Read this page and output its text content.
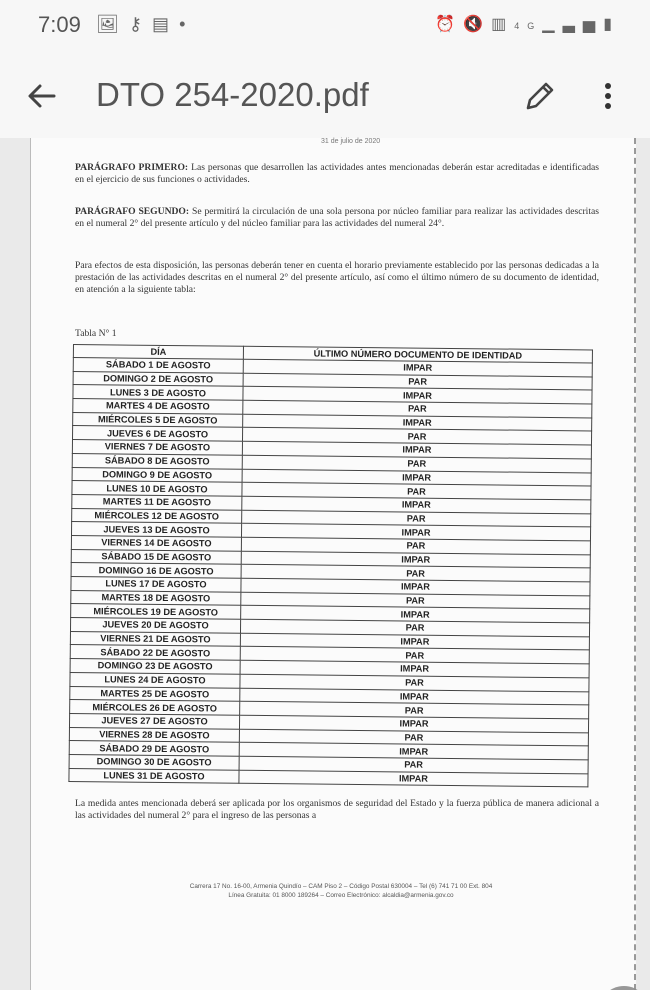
7:09 🖼⚷▤•	⏰🔇▥4G▁▃▅▮
DTO 254-2020.pdf
31 de julio de 2020
PARÁGRAFO PRIMERO: Las personas que desarrollen las actividades antes mencionadas deberán estar acreditadas e identificadas en el ejercicio de sus funciones o actividades.
PARÁGRAFO SEGUNDO: Se permitirá la circulación de una sola persona por núcleo familiar para realizar las actividades descritas en el numeral 2° del presente artículo y del núcleo familiar para las actividades del numeral 24°.
Para efectos de esta disposición, las personas deberán tener en cuenta el horario previamente establecido por las personas dedicadas a la prestación de las actividades descritas en el numeral 2° del presente artículo, así como el último número de su documento de identidad, en atención a la siguiente tabla:
Tabla N° 1
DÍA	ÚLTIMO NÚMERO DOCUMENTO DE IDENTIDAD
SÁBADO 1 DE AGOSTO	IMPAR
DOMINGO 2 DE AGOSTO	PAR
LUNES 3 DE AGOSTO	IMPAR
MARTES 4 DE AGOSTO	PAR
MIÉRCOLES 5 DE AGOSTO	IMPAR
JUEVES 6 DE AGOSTO	PAR
VIERNES 7 DE AGOSTO	IMPAR
SÁBADO 8 DE AGOSTO	PAR
DOMINGO 9 DE AGOSTO	IMPAR
LUNES 10 DE AGOSTO	PAR
MARTES 11 DE AGOSTO	IMPAR
MIÉRCOLES 12 DE AGOSTO	PAR
JUEVES 13 DE AGOSTO	IMPAR
VIERNES 14 DE AGOSTO	PAR
SÁBADO 15 DE AGOSTO	IMPAR
DOMINGO 16 DE AGOSTO	PAR
LUNES 17 DE AGOSTO	IMPAR
MARTES 18 DE AGOSTO	PAR
MIÉRCOLES 19 DE AGOSTO	IMPAR
JUEVES 20 DE AGOSTO	PAR
VIERNES 21 DE AGOSTO	IMPAR
SÁBADO 22 DE AGOSTO	PAR
DOMINGO 23 DE AGOSTO	IMPAR
LUNES 24 DE AGOSTO	PAR
MARTES 25 DE AGOSTO	IMPAR
MIÉRCOLES 26 DE AGOSTO	PAR
JUEVES 27 DE AGOSTO	IMPAR
VIERNES 28 DE AGOSTO	PAR
SÁBADO 29 DE AGOSTO	IMPAR
DOMINGO 30 DE AGOSTO	PAR
LUNES 31 DE AGOSTO	IMPAR
La medida antes mencionada deberá ser aplicada por los organismos de seguridad del Estado y la fuerza pública de manera adicional a las actividades del numeral 2° para el ingreso de las personas a
Carrera 17 No. 16-00, Armenia Quindío – CAM Piso 2 – Código Postal 630004 – Tel (6) 741 71 00 Ext. 804
Línea Gratuita: 01 8000 189264 – Correo Electrónico: alcaldia@armenia.gov.co
